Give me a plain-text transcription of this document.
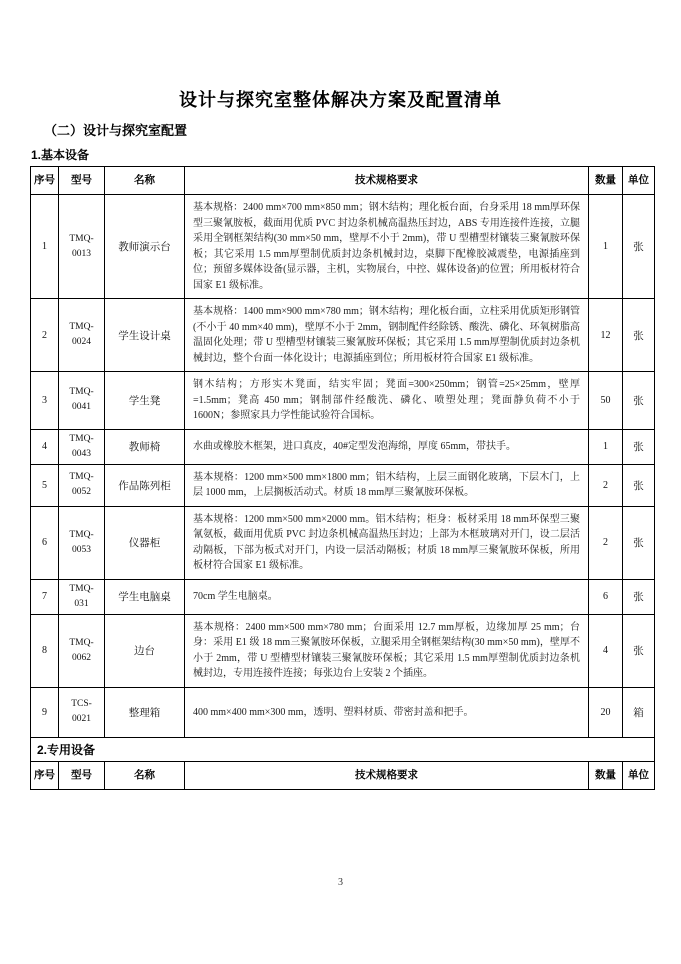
设计与探究室整体解决方案及配置清单
（二）设计与探究室配置
1.基本设备
序号	型号	名称	技术规格要求	数量	单位
1	TMQ-0013	教师演示台	基本规格：2400 mm×700 mm×850 mm；钢木结构；理化板台面，台身采用 18 mm厚环保型三聚氰胺板，截面用优质 PVC 封边条机械高温热压封边，ABS 专用连接件连接，立腿采用全钢框架结构(30 mm×50 mm，壁厚不小于 2mm)，带 U 型槽型材镶装三聚氰胺环保板；其它采用 1.5 mm厚塑制优质封边条机械封边，桌脚下配橡胶减震垫，电源插座到位；预留多媒体设备(显示器，主机，实物展台，中控、媒体设备)的位置；所用板材符合国家 E1 级标准。	1	张
2	TMQ-0024	学生设计桌	基本规格：1400 mm×900 mm×780 mm；钢木结构；理化板台面，立柱采用优质矩形钢管(不小于 40 mm×40 mm)，壁厚不小于 2mm，钢制配件经除锈、酸洗、磷化、环氧树脂高温固化处理；带 U 型槽型材镶装三聚氰胺环保板；其它采用 1.5 mm厚塑制优质封边条机械封边，整个台面一体化设计；电源插座到位；所用板材符合国家 E1 级标准。	12	张
3	TMQ-0041	学生凳	钢木结构；方形实木凳面，结实牢固；凳面=300×250mm；钢管=25×25mm，壁厚=1.5mm；凳高 450 mm；钢制部件经酸洗、磷化、喷塑处理；凳面静负荷不小于 1600N；参照家具力学性能试验符合国标。	50	张
4	TMQ-0043	教师椅	水曲或橡胶木框架，进口真皮，40#定型发泡海绵，厚度 65mm，带扶手。	1	张
5	TMQ-0052	作品陈列柜	基本规格：1200 mm×500 mm×1800 mm；铝木结构，上层三面钢化玻璃，下层木门，上层 1000 mm，上层搁板活动式。材质 18 mm厚三聚氰胺环保板。	2	张
6	TMQ-0053	仪器柜	基本规格：1200 mm×500 mm×2000 mm。铝木结构；柜身：板材采用 18 mm环保型三聚氰氨板，截面用优质 PVC 封边条机械高温热压封边；上部为木框玻璃对开门，设二层活动隔板，下部为板式对开门，内设一层活动隔板；材质 18 mm厚三聚氰胺环保板，所用板材符合国家 E1 级标准。	2	张
7	TMQ-031	学生电脑桌	70cm 学生电脑桌。	6	张
8	TMQ-0062	边台	基本规格：2400 mm×500 mm×780 mm；台面采用 12.7 mm厚板，边缘加厚 25 mm；台身：采用 E1 级 18 mm三聚氰胺环保板，立腿采用全钢框架结构(30 mm×50 mm)，壁厚不小于 2mm，带 U 型槽型材镶装三聚氰胺环保板；其它采用 1.5 mm厚塑制优质封边条机械封边，专用连接件连接；每张边台上安装 2 个插座。	4	张
9	TCS-0021	整理箱	400 mm×400 mm×300 mm，透明、塑料材质、带密封盖和把手。	20	箱
2.专用设备					
序号	型号	名称	技术规格要求	数量	单位
3
